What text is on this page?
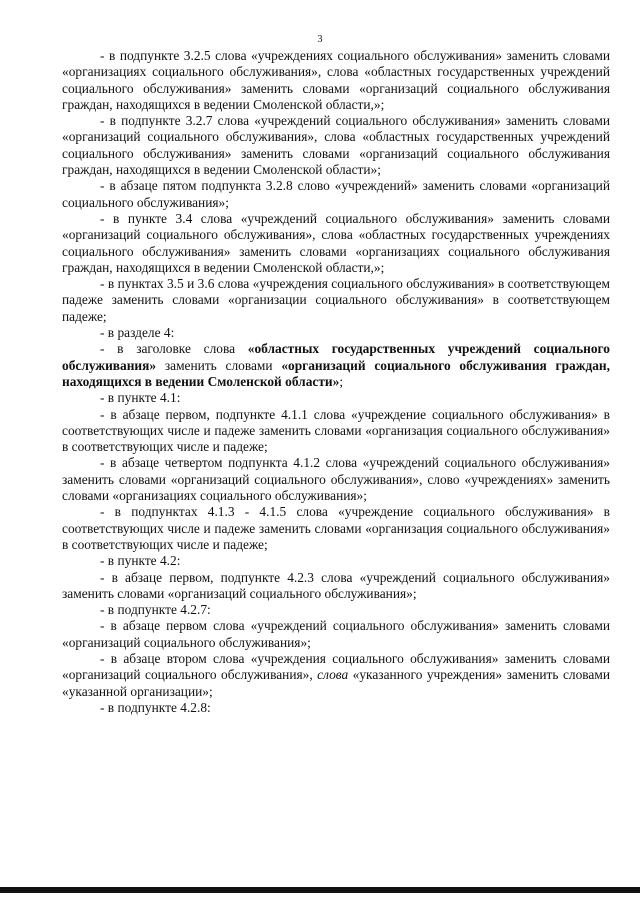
3

- в подпункте 3.2.5 слова «учреждениях социального обслуживания» заменить словами «организациях социального обслуживания», слова «областных государственных учреждений социального обслуживания» заменить словами «организаций социального обслуживания граждан, находящихся в ведении Смоленской области,»;

- в подпункте 3.2.7 слова «учреждений социального обслуживания» заменить словами «организаций социального обслуживания», слова «областных государственных учреждений социального обслуживания» заменить словами «организаций социального обслуживания граждан, находящихся в ведении Смоленской области»;

- в абзаце пятом подпункта 3.2.8 слово «учреждений» заменить словами «организаций социального обслуживания»;

- в пункте 3.4 слова «учреждений социального обслуживания» заменить словами «организаций социального обслуживания», слова «областных государственных учреждениях социального обслуживания» заменить словами «организациях социального обслуживания граждан, находящихся в ведении Смоленской области,»;

- в пунктах 3.5 и 3.6 слова «учреждения социального обслуживания» в соответствующем падеже заменить словами «организации социального обслуживания» в соответствующем падеже;

- в разделе 4:

- в заголовке слова «областных государственных учреждений социального обслуживания» заменить словами «организаций социального обслуживания граждан, находящихся в ведении Смоленской области»;

- в пункте 4.1:

- в абзаце первом, подпункте 4.1.1 слова «учреждение социального обслуживания» в соответствующих числе и падеже заменить словами «организация социального обслуживания» в соответствующих числе и падеже;

- в абзаце четвертом подпункта 4.1.2 слова «учреждений социального обслуживания» заменить словами «организаций социального обслуживания», слово «учреждениях» заменить словами «организациях социального обслуживания»;

- в подпунктах 4.1.3 - 4.1.5 слова «учреждение социального обслуживания» в соответствующих числе и падеже заменить словами «организация социального обслуживания» в соответствующих числе и падеже;

- в пункте 4.2:

- в абзаце первом, подпункте 4.2.3 слова «учреждений социального обслуживания» заменить словами «организаций социального обслуживания»;

- в подпункте 4.2.7:

- в абзаце первом слова «учреждений социального обслуживания» заменить словами «организаций социального обслуживания»;

- в абзаце втором слова «учреждения социального обслуживания» заменить словами «организаций социального обслуживания», слова «указанного учреждения» заменить словами «указанной организации»;

- в подпункте 4.2.8:
